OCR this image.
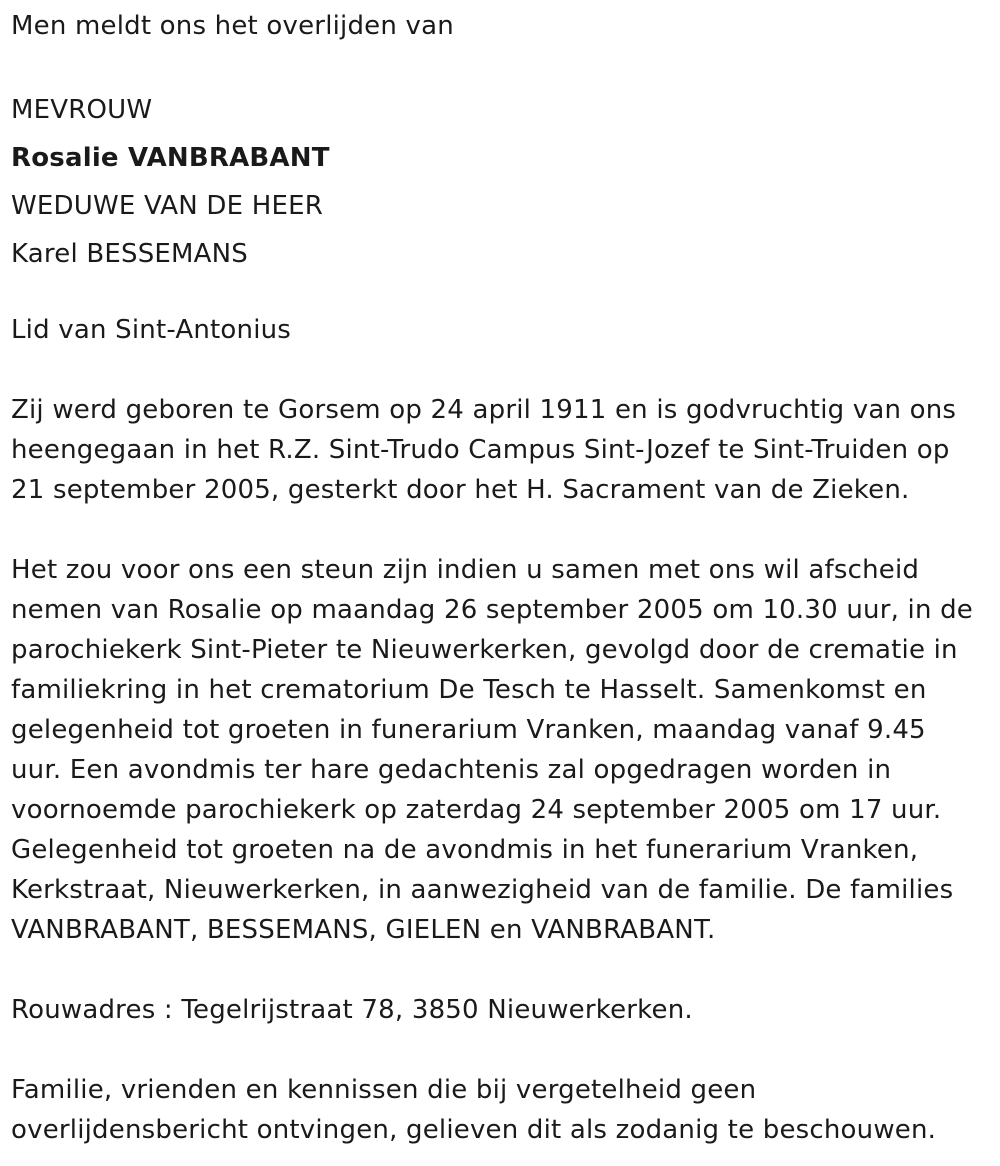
Men meldt ons het overlijden van
MEVROUW
Rosalie VANBRABANT
WEDUWE VAN DE HEER
Karel BESSEMANS
Lid van Sint-Antonius
Zij werd geboren te Gorsem op 24 april 1911 en is godvruchtig van ons
heengegaan in het R.Z. Sint-Trudo Campus Sint-Jozef te Sint-Truiden op
21 september 2005, gesterkt door het H. Sacrament van de Zieken.
Het zou voor ons een steun zijn indien u samen met ons wil afscheid
nemen van Rosalie op maandag 26 september 2005 om 10.30 uur, in de
parochiekerk Sint-Pieter te Nieuwerkerken, gevolgd door de crematie in
familiekring in het crematorium De Tesch te Hasselt. Samenkomst en
gelegenheid tot groeten in funerarium Vranken, maandag vanaf 9.45
uur. Een avondmis ter hare gedachtenis zal opgedragen worden in
voornoemde parochiekerk op zaterdag 24 september 2005 om 17 uur.
Gelegenheid tot groeten na de avondmis in het funerarium Vranken,
Kerkstraat, Nieuwerkerken, in aanwezigheid van de familie. De families
VANBRABANT, BESSEMANS, GIELEN en VANBRABANT.
Rouwadres : Tegelrijstraat 78, 3850 Nieuwerkerken.
Familie, vrienden en kennissen die bij vergetelheid geen
overlijdensbericht ontvingen, gelieven dit als zodanig te beschouwen.
